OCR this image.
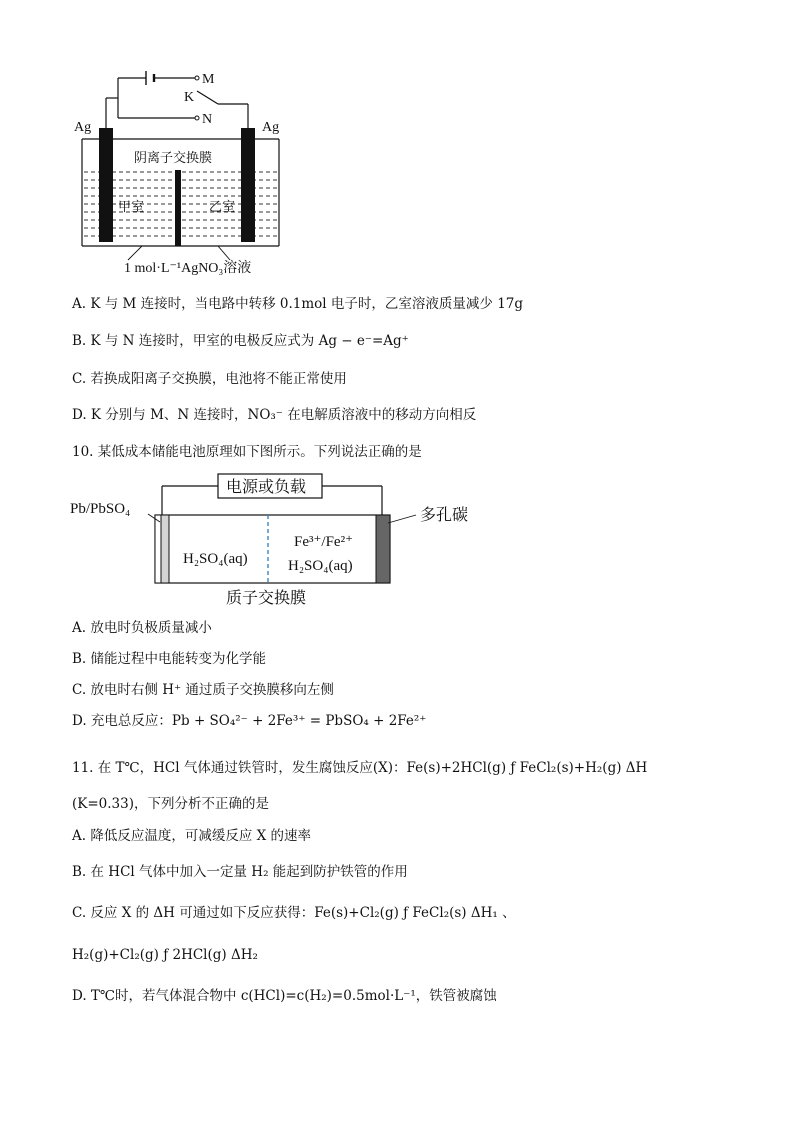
M
K
N
Ag	Ag
阴离子交换膜
甲室	乙室
1 mol·L⁻¹AgNO₃溶液
A. K 与 M 连接时，当电路中转移 0.1mol 电子时，乙室溶液质量减少 17g
B. K 与 N 连接时，甲室的电极反应式为 Ag − e⁻=Ag⁺
C. 若换成阳离子交换膜，电池将不能正常使用
D. K 分别与 M、N 连接时，NO₃⁻ 在电解质溶液中的移动方向相反
10. 某低成本储能电池原理如下图所示。下列说法正确的是
电源或负载
Pb/PbSO₄	多孔碳
H₂SO₄(aq)
Fe³⁺/Fe²⁺
H₂SO₄(aq)
质子交换膜
A. 放电时负极质量减小
B. 储能过程中电能转变为化学能
C. 放电时右侧 H⁺ 通过质子交换膜移向左侧
D. 充电总反应：Pb + SO₄²⁻ + 2Fe³⁺ = PbSO₄ + 2Fe²⁺
11. 在 T℃，HCl 气体通过铁管时，发生腐蚀反应(X)：Fe(s)+2HCl(g) ƒ FeCl₂(s)+H₂(g) ΔH
(K=0.33)，下列分析不正确的是
A. 降低反应温度，可减缓反应 X 的速率
B. 在 HCl 气体中加入一定量 H₂ 能起到防护铁管的作用
C. 反应 X 的 ΔH 可通过如下反应获得：Fe(s)+Cl₂(g) ƒ FeCl₂(s) ΔH₁ 、
H₂(g)+Cl₂(g) ƒ 2HCl(g) ΔH₂
D. T℃时，若气体混合物中 c(HCl)=c(H₂)=0.5mol·L⁻¹，铁管被腐蚀
